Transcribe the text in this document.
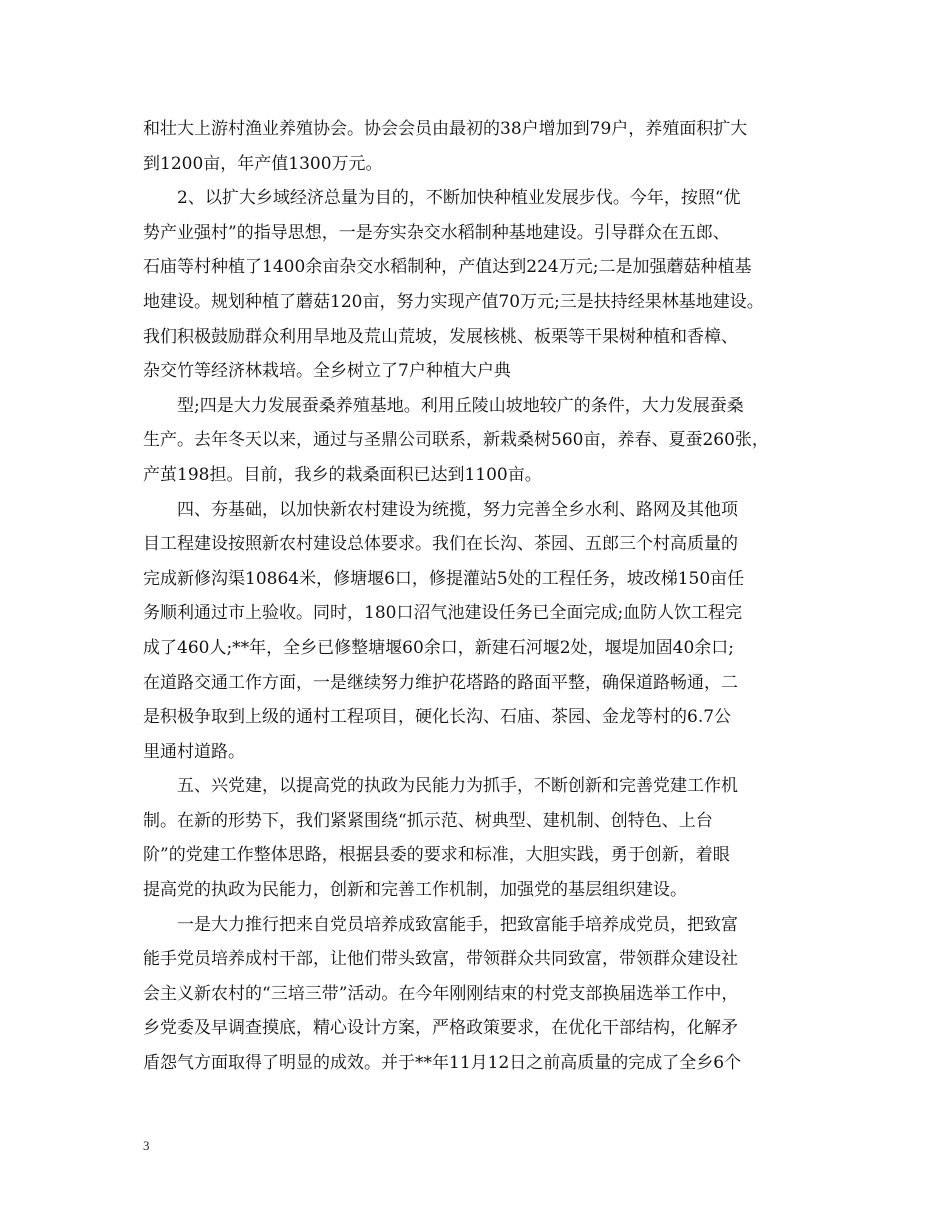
和壮大上游村渔业养殖协会。协会会员由最初的38户增加到79户，养殖面积扩大
到1200亩，年产值1300万元。
2、以扩大乡域经济总量为目的，不断加快种植业发展步伐。今年，按照“优
势产业强村”的指导思想，一是夯实杂交水稻制种基地建设。引导群众在五郎、
石庙等村种植了1400余亩杂交水稻制种，产值达到224万元;二是加强蘑菇种植基
地建设。规划种植了蘑菇120亩，努力实现产值70万元;三是扶持经果林基地建设。
我们积极鼓励群众利用旱地及荒山荒坡，发展核桃、板栗等干果树种植和香樟、
杂交竹等经济林栽培。全乡树立了7户种植大户典
型;四是大力发展蚕桑养殖基地。利用丘陵山坡地较广的条件，大力发展蚕桑
生产。去年冬天以来，通过与圣鼎公司联系，新栽桑树560亩，养春、夏蚕260张，
产茧198担。目前，我乡的栽桑面积已达到1100亩。
四、夯基础，以加快新农村建设为统揽，努力完善全乡水利、路网及其他项
目工程建设按照新农村建设总体要求。我们在长沟、茶园、五郎三个村高质量的
完成新修沟渠10864米，修塘堰6口，修提灌站5处的工程任务，坡改梯150亩任
务顺利通过市上验收。同时，180口沼气池建设任务已全面完成;血防人饮工程完
成了460人;**年，全乡已修整塘堰60余口，新建石河堰2处，堰堤加固40余口;
在道路交通工作方面，一是继续努力维护花塔路的路面平整，确保道路畅通，二
是积极争取到上级的通村工程项目，硬化长沟、石庙、茶园、金龙等村的6.7公
里通村道路。
五、兴党建，以提高党的执政为民能力为抓手，不断创新和完善党建工作机
制。在新的形势下，我们紧紧围绕“抓示范、树典型、建机制、创特色、上台
阶”的党建工作整体思路，根据县委的要求和标准，大胆实践，勇于创新，着眼
提高党的执政为民能力，创新和完善工作机制，加强党的基层组织建设。
一是大力推行把来自党员培养成致富能手，把致富能手培养成党员，把致富
能手党员培养成村干部，让他们带头致富，带领群众共同致富，带领群众建设社
会主义新农村的“三培三带”活动。在今年刚刚结束的村党支部换届选举工作中，
乡党委及早调查摸底，精心设计方案，严格政策要求，在优化干部结构，化解矛
盾怨气方面取得了明显的成效。并于**年11月12日之前高质量的完成了全乡6个
3
